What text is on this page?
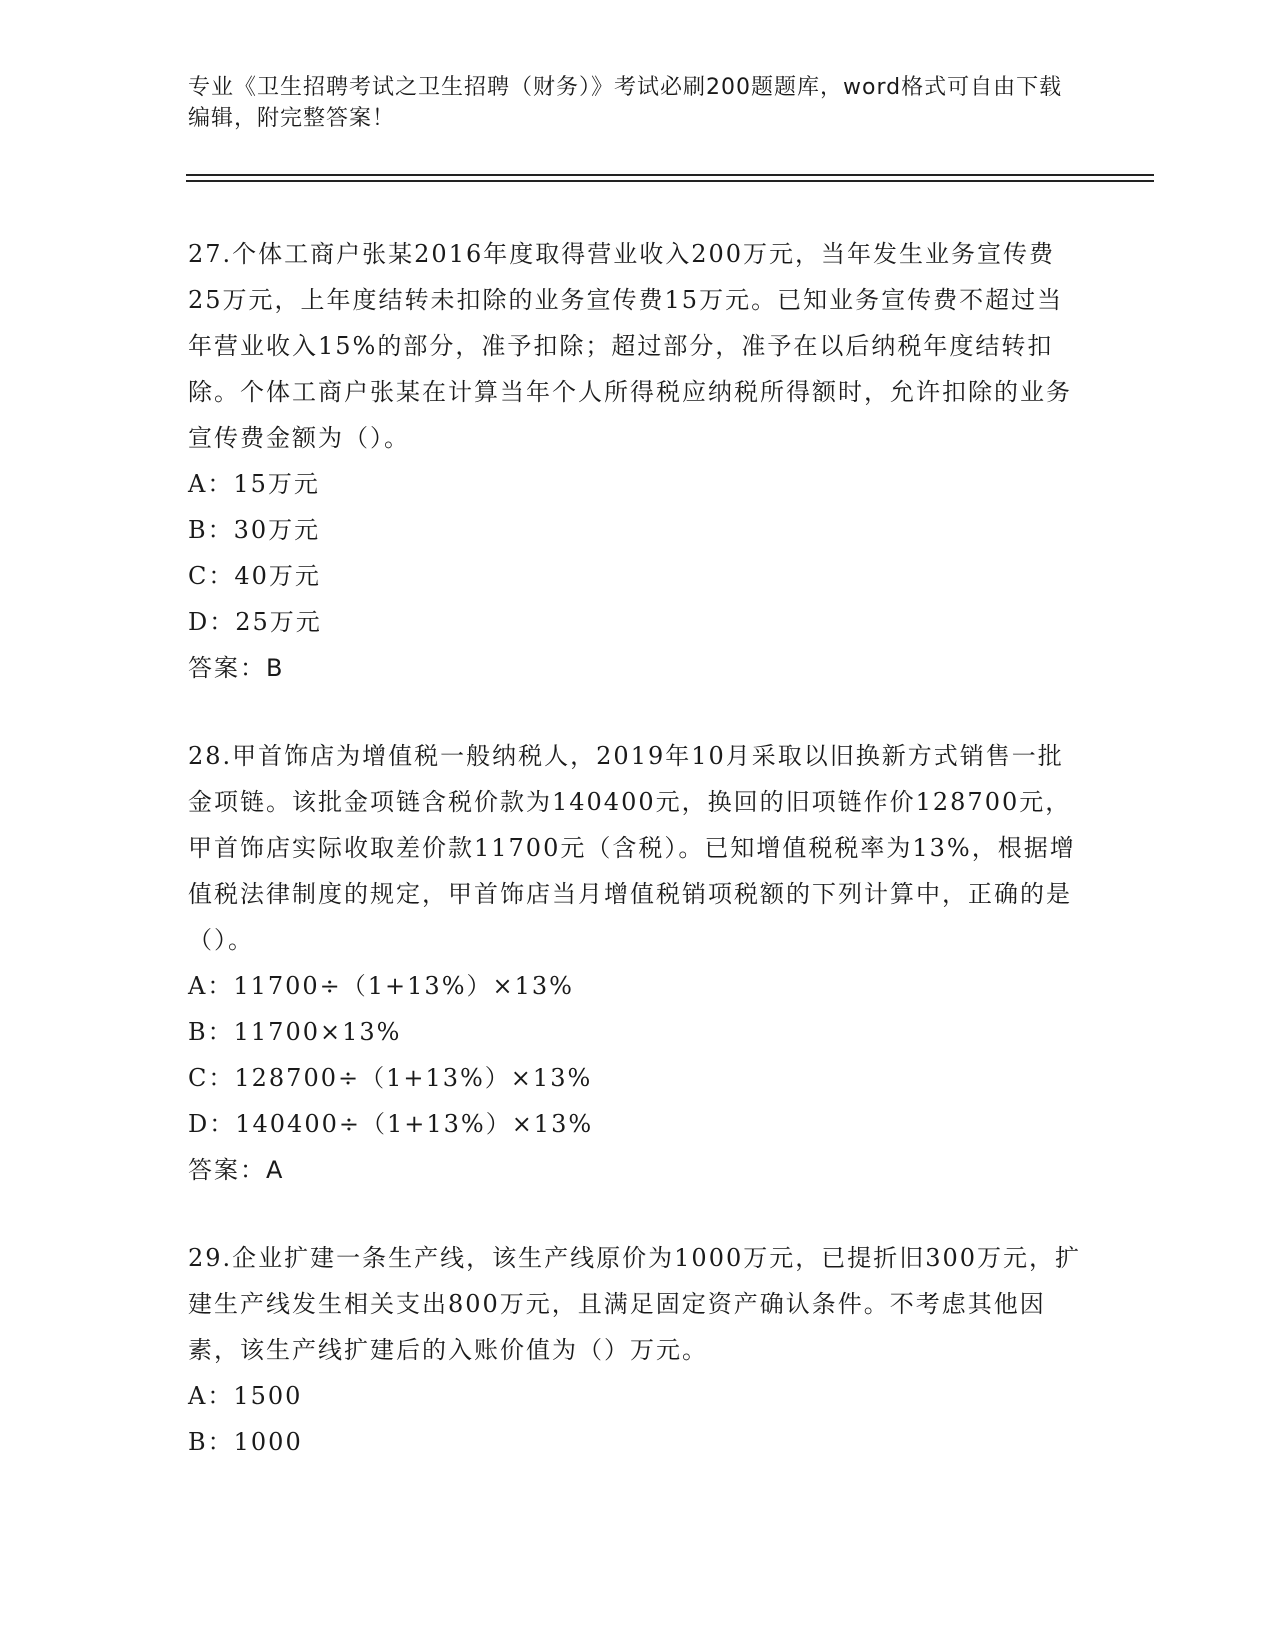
专业《卫生招聘考试之卫生招聘（财务）》考试必刷200题题库，word格式可自由下载编辑，附完整答案！

27.个体工商户张某2016年度取得营业收入200万元，当年发生业务宣传费25万元，上年度结转未扣除的业务宣传费15万元。已知业务宣传费不超过当年营业收入15%的部分，准予扣除；超过部分，准予在以后纳税年度结转扣除。个体工商户张某在计算当年个人所得税应纳税所得额时，允许扣除的业务宣传费金额为（）。

A：15万元
B：30万元
C：40万元
D：25万元
答案：B

28.甲首饰店为增值税一般纳税人，2019年10月采取以旧换新方式销售一批金项链。该批金项链含税价款为140400元，换回的旧项链作价128700元，甲首饰店实际收取差价款11700元（含税）。已知增值税税率为13%，根据增值税法律制度的规定，甲首饰店当月增值税销项税额的下列计算中，正确的是（）。

A：11700÷（1+13%）×13%
B：11700×13%
C：128700÷（1+13%）×13%
D：140400÷（1+13%）×13%
答案：A

29.企业扩建一条生产线，该生产线原价为1000万元，已提折旧300万元，扩建生产线发生相关支出800万元，且满足固定资产确认条件。不考虑其他因素，该生产线扩建后的入账价值为（）万元。

A：1500
B：1000
